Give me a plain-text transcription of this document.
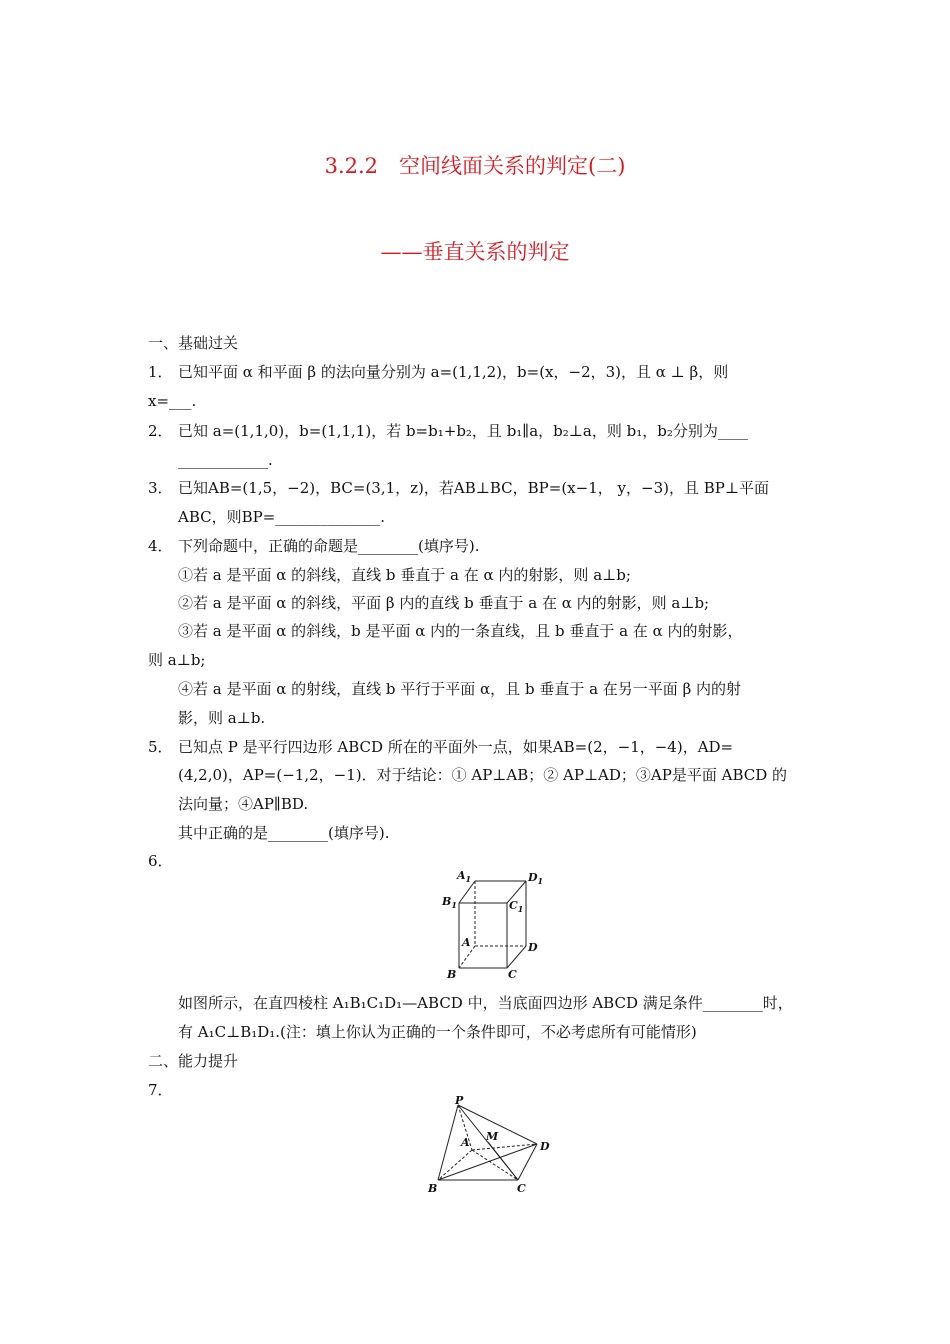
3.2.2　空间线面关系的判定(二)
——垂直关系的判定
一、基础过关
1． 已知平面 α 和平面 β 的法向量分别为 a=(1,1,2)，b=(x，−2，3)，且 α ⊥ β，则
x=___.
2． 已知 a=(1,1,0)，b=(1,1,1)，若 b=b₁+b₂，且 b₁∥a，b₂⊥a，则 b₁，b₂分别为____
____________.
3． 已知AB=(1,5，−2)，BC=(3,1，z)，若AB⊥BC，BP=(x−1， y，−3)，且 BP⊥平面
ABC，则BP=______________.
4． 下列命题中，正确的命题是________(填序号).
①若 a 是平面 α 的斜线，直线 b 垂直于 a 在 α 内的射影，则 a⊥b;
②若 a 是平面 α 的斜线，平面 β 内的直线 b 垂直于 a 在 α 内的射影，则 a⊥b;
③若 a 是平面 α 的斜线，b 是平面 α 内的一条直线，且 b 垂直于 a 在 α 内的射影，
则 a⊥b;
④若 a 是平面 α 的射线，直线 b 平行于平面 α，且 b 垂直于 a 在另一平面 β 内的射
影，则 a⊥b.
5． 已知点 P 是平行四边形 ABCD 所在的平面外一点，如果AB=(2，−1，−4)，AD=
(4,2,0)，AP=(−1,2，−1)．对于结论：① AP⊥AB；② AP⊥AD；③AP是平面 ABCD 的
法向量；④AP∥BD.
其中正确的是________(填序号).
6．
$A_1$	$D_1$
$B_1$	$C_1$
A	D
B	C
如图所示，在直四棱柱 A₁B₁C₁D₁—ABCD 中，当底面四边形 ABCD 满足条件________时，
有 A₁C⊥B₁D₁.(注：填上你认为正确的一个条件即可，不必考虑所有可能情形)
二、能力提升
7．
P
A M
D
B	C
